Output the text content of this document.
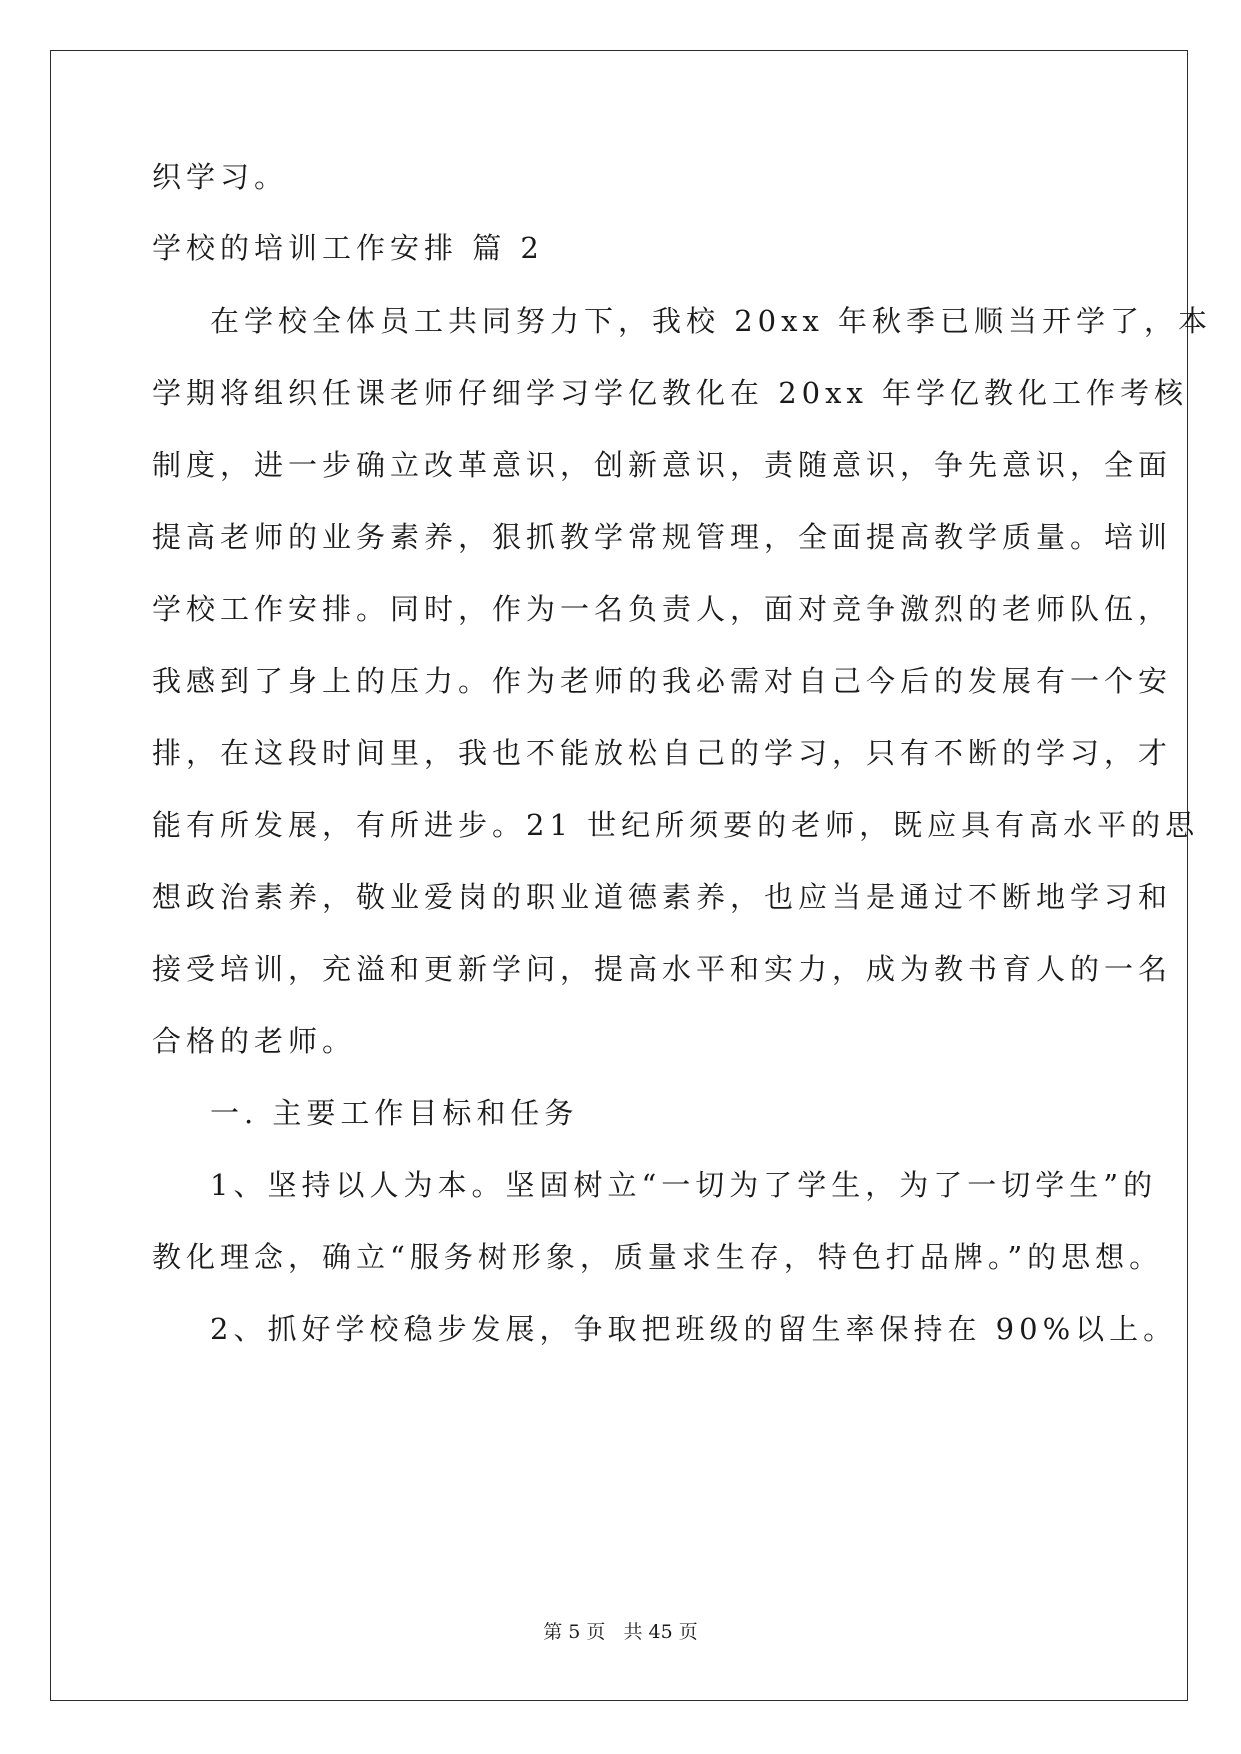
织学习。
学校的培训工作安排 篇 2
在学校全体员工共同努力下，我校 20xx 年秋季已顺当开学了，本
学期将组织任课老师仔细学习学亿教化在 20xx 年学亿教化工作考核
制度，进一步确立改革意识，创新意识，责随意识，争先意识，全面
提高老师的业务素养，狠抓教学常规管理，全面提高教学质量。培训
学校工作安排。同时，作为一名负责人，面对竞争激烈的老师队伍，
我感到了身上的压力。作为老师的我必需对自己今后的发展有一个安
排，在这段时间里，我也不能放松自己的学习，只有不断的学习，才
能有所发展，有所进步。21 世纪所须要的老师，既应具有高水平的思
想政治素养，敬业爱岗的职业道德素养，也应当是通过不断地学习和
接受培训，充溢和更新学问，提高水平和实力，成为教书育人的一名
合格的老师。
一. 主要工作目标和任务
1、坚持以人为本。坚固树立“一切为了学生，为了一切学生”的
教化理念，确立“服务树形象，质量求生存，特色打品牌。”的思想。
2、抓好学校稳步发展，争取把班级的留生率保持在 90%以上。
第 5 页   共 45 页
